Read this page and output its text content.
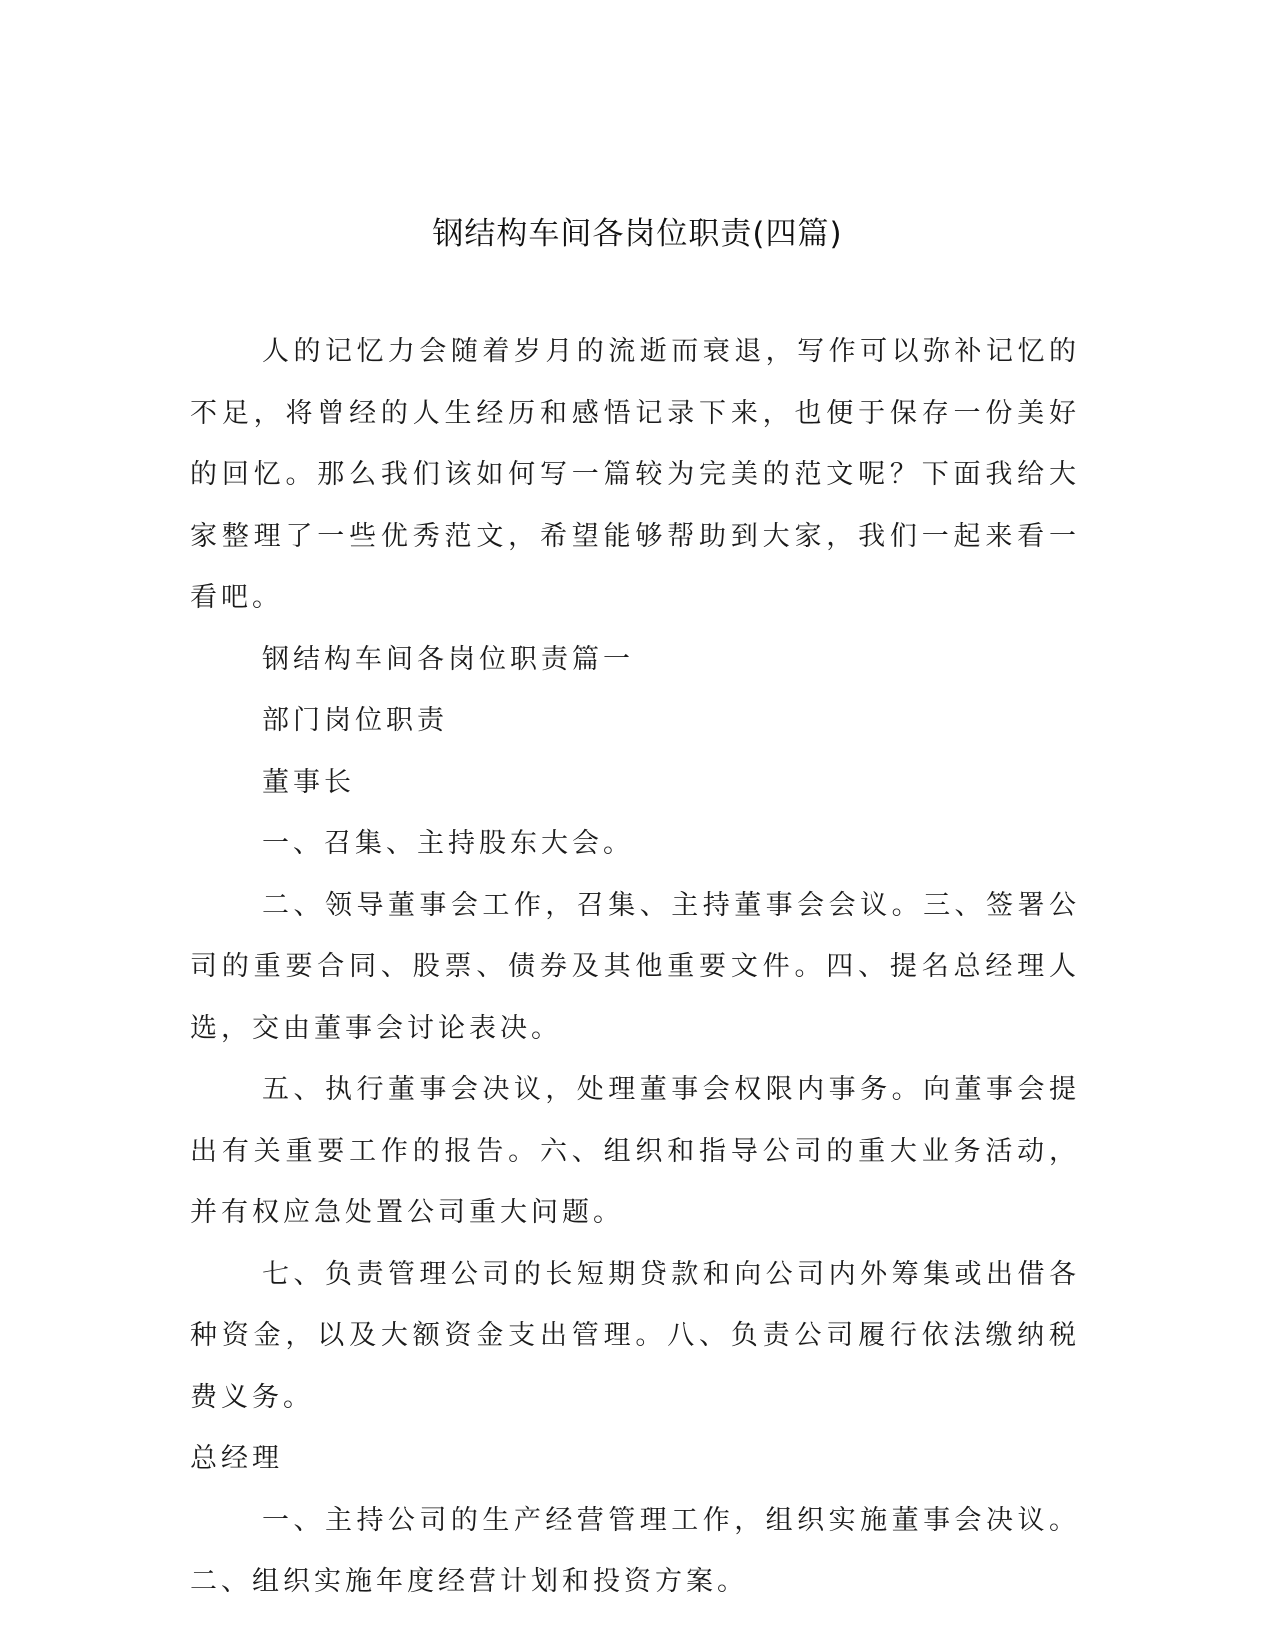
钢结构车间各岗位职责(四篇)

人的记忆力会随着岁月的流逝而衰退，写作可以弥补记忆的不足，将曾经的人生经历和感悟记录下来，也便于保存一份美好的回忆。那么我们该如何写一篇较为完美的范文呢？下面我给大家整理了一些优秀范文，希望能够帮助到大家，我们一起来看一看吧。

钢结构车间各岗位职责篇一

部门岗位职责

董事长

一、召集、主持股东大会。

二、领导董事会工作，召集、主持董事会会议。三、签署公司的重要合同、股票、债券及其他重要文件。四、提名总经理人选，交由董事会讨论表决。

五、执行董事会决议，处理董事会权限内事务。向董事会提出有关重要工作的报告。六、组织和指导公司的重大业务活动，并有权应急处置公司重大问题。

七、负责管理公司的长短期贷款和向公司内外筹集或出借各种资金，以及大额资金支出管理。八、负责公司履行依法缴纳税费义务。

总经理

一、主持公司的生产经营管理工作，组织实施董事会决议。二、组织实施年度经营计划和投资方案。
